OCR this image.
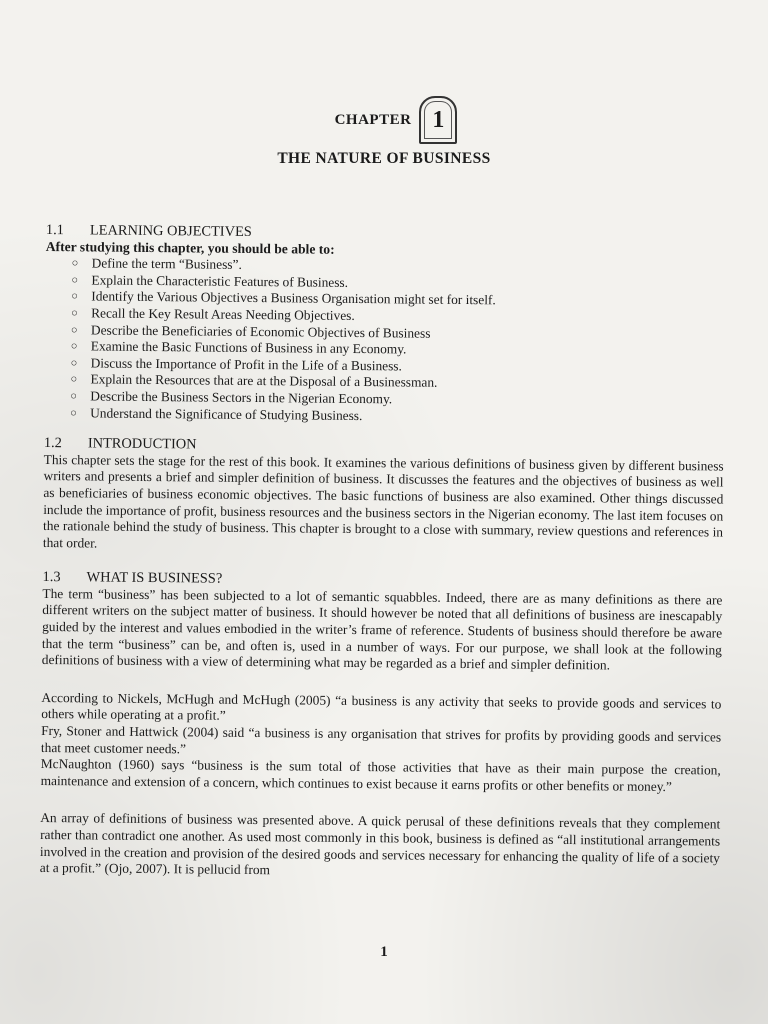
CHAPTER 1
THE NATURE OF BUSINESS
1.1 LEARNING OBJECTIVES

After studying this chapter, you should be able to:

○ Define the term “Business”.
○ Explain the Characteristic Features of Business.
○ Identify the Various Objectives a Business Organisation might set for itself.
○ Recall the Key Result Areas Needing Objectives.
○ Describe the Beneficiaries of Economic Objectives of Business
○ Examine the Basic Functions of Business in any Economy.
○ Discuss the Importance of Profit in the Life of a Business.
○ Explain the Resources that are at the Disposal of a Businessman.
○ Describe the Business Sectors in the Nigerian Economy.
○ Understand the Significance of Studying Business.
1.2 INTRODUCTION

This chapter sets the stage for the rest of this book. It examines the various definitions of business given by different business writers and presents a brief and simpler definition of business. It discusses the features and the objectives of business as well as beneficiaries of business economic objectives. The basic functions of business are also examined. Other things discussed include the importance of profit, business resources and the business sectors in the Nigerian economy. The last item focuses on the rationale behind the study of business. This chapter is brought to a close with summary, review questions and references in that order.

1.3 WHAT IS BUSINESS?

The term “business” has been subjected to a lot of semantic squabbles. Indeed, there are as many definitions as there are different writers on the subject matter of business. It should however be noted that all definitions of business are inescapably guided by the interest and values embodied in the writer’s frame of reference. Students of business should therefore be aware that the term “business” can be, and often is, used in a number of ways. For our purpose, we shall look at the following definitions of business with a view of determining what may be regarded as a brief and simpler definition.

According to Nickels, McHugh and McHugh (2005) “a business is any activity that seeks to provide goods and services to others while operating at a profit.”

Fry, Stoner and Hattwick (2004) said “a business is any organisation that strives for profits by providing goods and services that meet customer needs.”

McNaughton (1960) says “business is the sum total of those activities that have as their main purpose the creation, maintenance and extension of a concern, which continues to exist because it earns profits or other benefits or money.”

An array of definitions of business was presented above. A quick perusal of these definitions reveals that they complement rather than contradict one another. As used most commonly in this book, business is defined as “all institutional arrangements involved in the creation and provision of the desired goods and services necessary for enhancing the quality of life of a society at a profit.” (Ojo, 2007). It is pellucid from

1
